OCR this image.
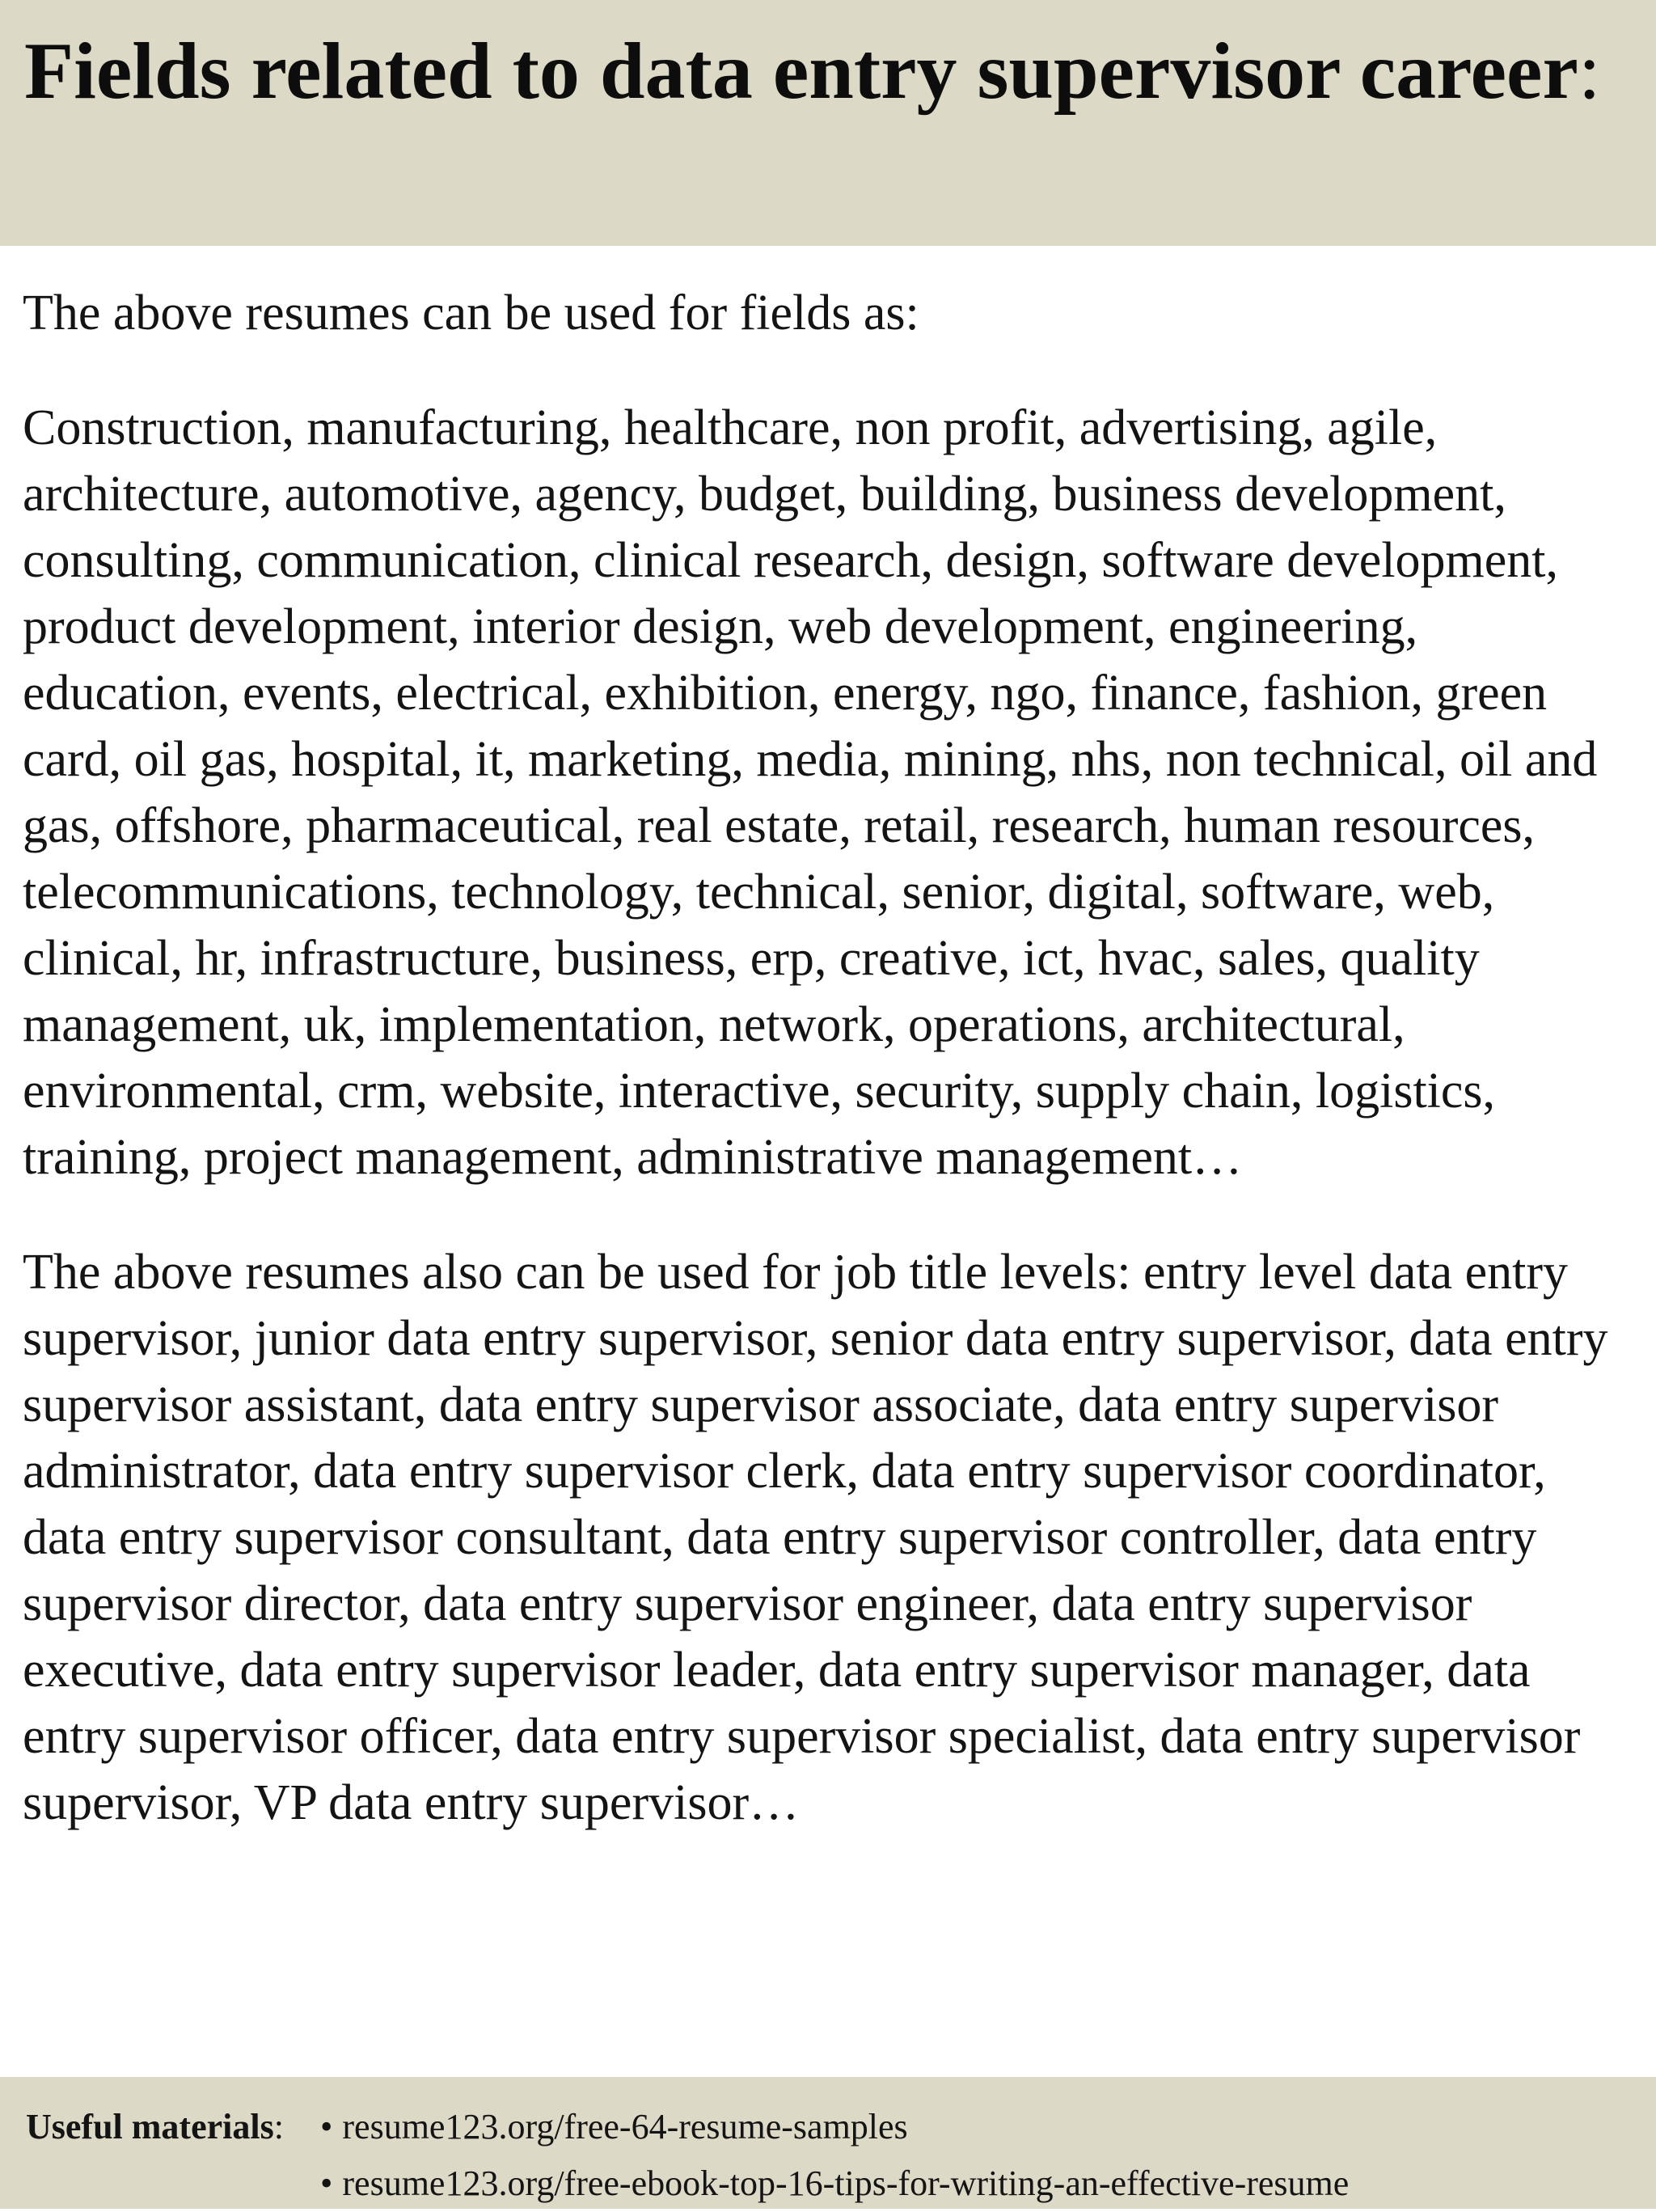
Fields related to data entry supervisor career:

The above resumes can be used for fields as:

Construction, manufacturing, healthcare, non profit, advertising, agile, architecture, automotive, agency, budget, building, business development, consulting, communication, clinical research, design, software development, product development, interior design, web development, engineering, education, events, electrical, exhibition, energy, ngo, finance, fashion, green card, oil gas, hospital, it, marketing, media, mining, nhs, non technical, oil and gas, offshore, pharmaceutical, real estate, retail, research, human resources, telecommunications, technology, technical, senior, digital, software, web, clinical, hr, infrastructure, business, erp, creative, ict, hvac, sales, quality management, uk, implementation, network, operations, architectural, environmental, crm, website, interactive, security, supply chain, logistics, training, project management, administrative management…

The above resumes also can be used for job title levels: entry level data entry supervisor, junior data entry supervisor, senior data entry supervisor, data entry supervisor assistant, data entry supervisor associate, data entry supervisor administrator, data entry supervisor clerk, data entry supervisor coordinator, data entry supervisor consultant, data entry supervisor controller, data entry supervisor director, data entry supervisor engineer, data entry supervisor executive, data entry supervisor leader, data entry supervisor manager, data entry supervisor officer, data entry supervisor specialist, data entry supervisor supervisor, VP data entry supervisor…

Useful materials:	• resume123.org/free-64-resume-samples
• resume123.org/free-ebook-top-16-tips-for-writing-an-effective-resume
